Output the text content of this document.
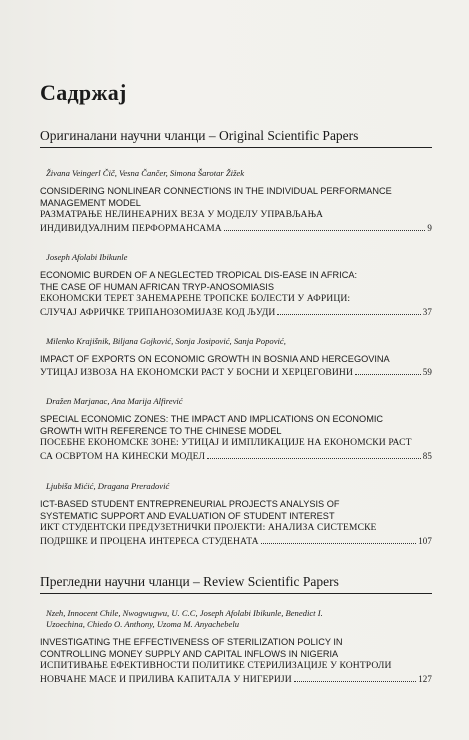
Садржај
Оригиналани научни чланци – Original Scientific Papers
Živana Veingerl Čič, Vesna Čančer, Simona Šarotar Žižek
CONSIDERING NONLINEAR CONNECTIONS IN THE INDIVIDUAL PERFORMANCE
MANAGEMENT MODEL
РАЗМАТРАЊЕ НЕЛИНЕАРНИХ ВЕЗА У МОДЕЛУ УПРАВЉАЊА
ИНДИВИДУАЛНИМ ПЕРФОРМАНСАМА	9
Joseph Afolabi Ibikunle
ECONOMIC BURDEN OF A NEGLECTED TROPICAL DIS-EASE IN AFRICA:
THE CASE OF HUMAN AFRICAN TRYP-ANOSOMIASIS
ЕКОНОМСКИ ТЕРЕТ ЗАНЕМАРЕНЕ ТРОПСКЕ БОЛЕСТИ У АФРИЦИ:
СЛУЧАЈ АФРИЧКЕ ТРИПАНОЗОМИЈАЗЕ КОД ЉУДИ	37
Milenko Krajišnik, Biljana Gojković, Sonja Josipović, Sanja Popović,
IMPACT OF EXPORTS ON ECONOMIC GROWTH IN BOSNIA AND HERCEGOVINA
УТИЦАЈ ИЗВОЗА НА ЕКОНОМСКИ РАСТ У БОСНИ И ХЕРЦЕГОВИНИ	59
Dražen Marjanac, Ana Marija Alfirević
SPECIAL ECONOMIC ZONES: THE IMPACT AND IMPLICATIONS ON ECONOMIC
GROWTH WITH REFERENCE TO THE CHINESE MODEL
ПОСЕБНЕ ЕКОНОМСКЕ ЗОНЕ: УТИЦАЈ И ИМПЛИКАЦИЈЕ НА ЕКОНОМСКИ РАСТ
СА ОСВРТОМ НА КИНЕСКИ МОДЕЛ	85
Ljubiša Mićić, Dragana Preradović
ICT-BASED STUDENT ENTREPRENEURIAL PROJECTS ANALYSIS OF
SYSTEMATIC SUPPORT AND EVALUATION OF STUDENT INTEREST
ИКТ СТУДЕНТСКИ ПРЕДУЗЕТНИЧКИ ПРОЈЕКТИ: АНАЛИЗА СИСТЕМСКЕ
ПОДРШКЕ И ПРОЦЕНА ИНТЕРЕСА СТУДЕНАТА	107
Прегледни научни чланци – Review Scientific Papers
Nzeh, Innocent Chile, Nwogwugwu, U. C.C, Joseph Afolabi Ibikunle, Benedict I.
Uzoechina, Chiedo O. Anthony, Uzoma M. Anyachebelu
INVESTIGATING THE EFFECTIVENESS OF STERILIZATION POLICY IN
CONTROLLING MONEY SUPPLY AND CAPITAL INFLOWS IN NIGERIA
ИСПИТИВАЊЕ ЕФЕКТИВНОСТИ ПОЛИТИКЕ СТЕРИЛИЗАЦИЈЕ У КОНТРОЛИ
НОВЧАНЕ МАСЕ И ПРИЛИВА КАПИТАЛА У НИГЕРИЈИ	127
